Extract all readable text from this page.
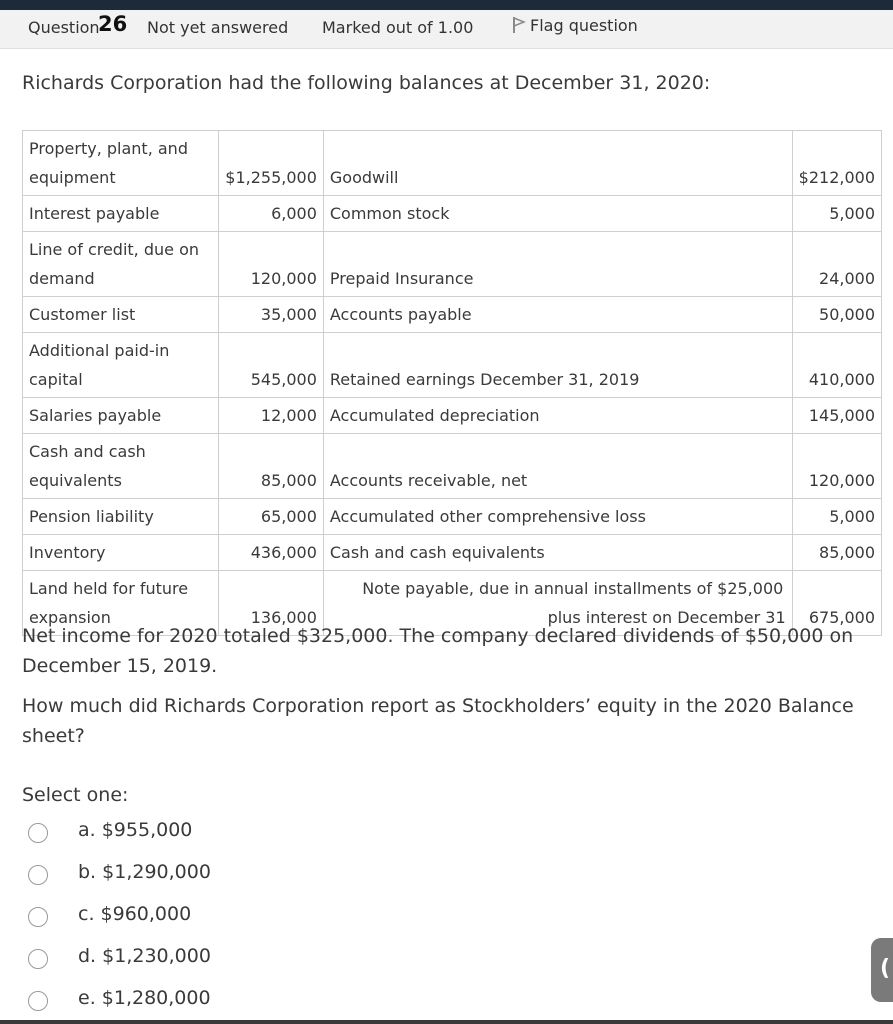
Question
26 Not yet answered Marked out of 1.00	Flag question
Richards Corporation had the following balances at December 31, 2020:
Property, plant, and equipment	$1,255,000	Goodwill	$212,000
Interest payable	6,000	Common stock	5,000
Line of credit, due on demand	120,000	Prepaid Insurance	24,000
Customer list	35,000	Accounts payable	50,000
Additional paid-in capital	545,000	Retained earnings December 31, 2019	410,000
Salaries payable	12,000	Accumulated depreciation	145,000
Cash and cash equivalents	85,000	Accounts receivable, net	120,000
Pension liability	65,000	Accumulated other comprehensive loss	5,000
Inventory	436,000	Cash and cash equivalents	85,000
Land held for future expansion	136,000	Note payable, due in annual installments of $25,000
plus interest on December 31	675,000
Net income for 2020 totaled $325,000. The company declared dividends of $50,000 on December 15, 2019.
How much did Richards Corporation report as Stockholders’ equity in the 2020 Balance sheet?
Select one:
a. $955,000
b. $1,290,000
c. $960,000
d. $1,230,000
e. $1,280,000
(
